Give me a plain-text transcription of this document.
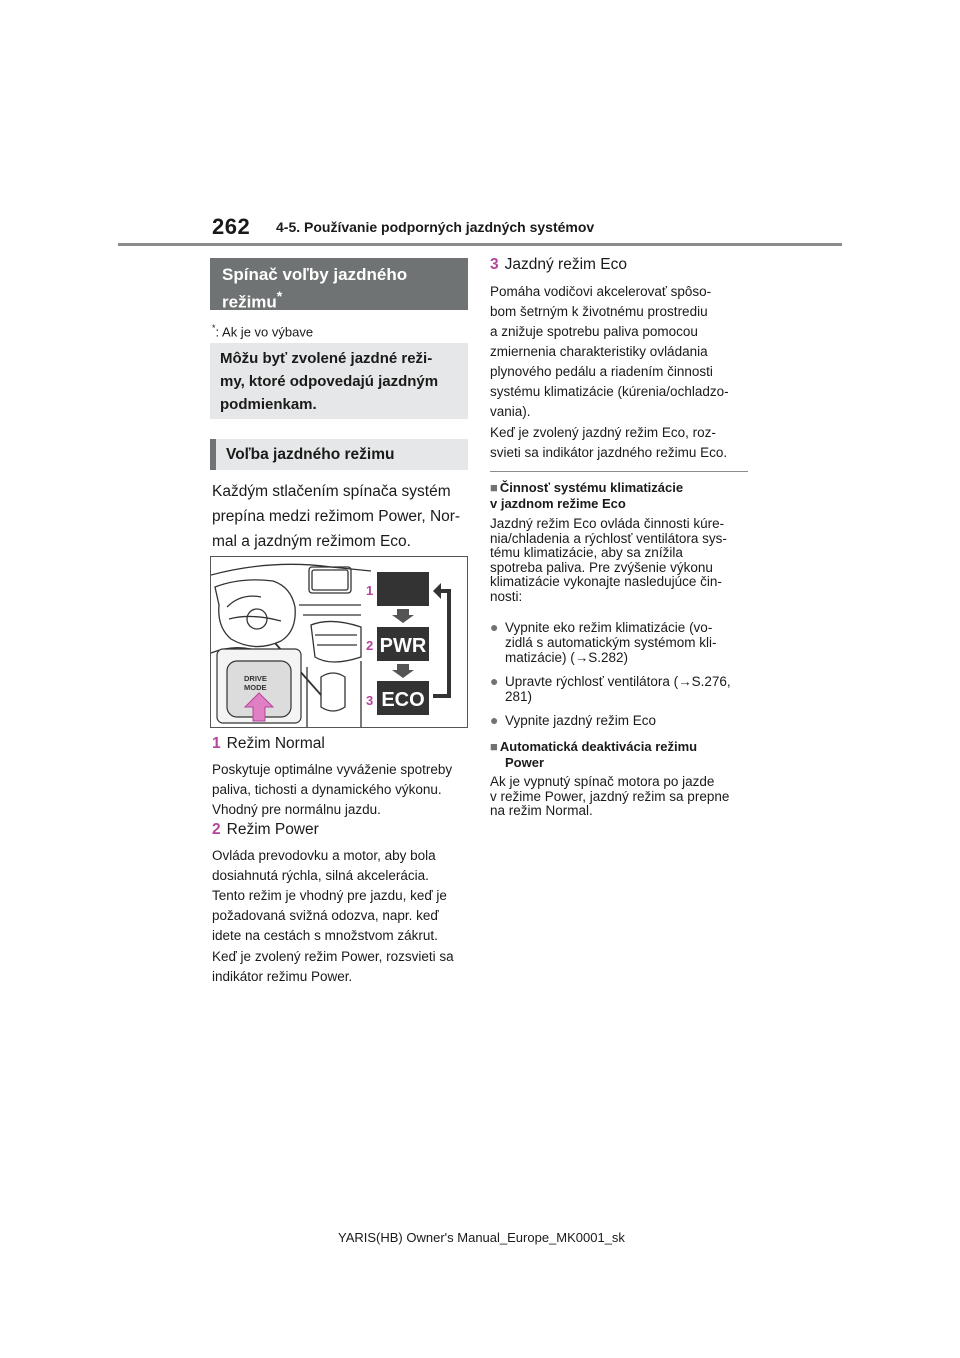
262 4-5. Používanie podporných jazdných systémov
Spínač voľby jazdného
režimu*
*: Ak je vo výbave
Môžu byť zvolené jazdné reži-
my, ktoré odpovedajú jazdným
podmienkam.
Voľba jazdného režimu
Každým stlačením spínača systém
prepína medzi režimom Power, Nor-
mal a jazdným režimom Eco.
DRIVE
MODE
PWR
ECO
1
2
3
1 Režim Normal
Poskytuje optimálne vyváženie spotreby
paliva, tichosti a dynamického výkonu.
Vhodný pre normálnu jazdu.
2 Režim Power
Ovláda prevodovku a motor, aby bola
dosiahnutá rýchla, silná akcelerácia.
Tento režim je vhodný pre jazdu, keď je
požadovaná svižná odozva, napr. keď
idete na cestách s množstvom zákrut.
Keď je zvolený režim Power, rozsvieti sa
indikátor režimu Power.
3 Jazdný režim Eco
Pomáha vodičovi akcelerovať spôso-
bom šetrným k životnému prostrediu
a znižuje spotrebu paliva pomocou
zmiernenia charakteristiky ovládania
plynového pedálu a riadením činnosti
systému klimatizácie (kúrenia/ochladzo-
vania).
Keď je zvolený jazdný režim Eco, roz-
svieti sa indikátor jazdného režimu Eco.
■ Činnosť systému klimatizácie
v jazdnom režime Eco
Jazdný režim Eco ovláda činnosti kúre-
nia/chladenia a rýchlosť ventilátora sys-
tému klimatizácie, aby sa znížila
spotreba paliva. Pre zvýšenie výkonu
klimatizácie vykonajte nasledujúce čin-
nosti:
● Vypnite eko režim klimatizácie (vo-
zidlá s automatickým systémom kli-
matizácie) (→S.282)
● Upravte rýchlosť ventilátora (→S.276,
281)
● Vypnite jazdný režim Eco
■ Automatická deaktivácia režimu
Power
Ak je vypnutý spínač motora po jazde
v režime Power, jazdný režim sa prepne
na režim Normal.
YARIS(HB) Owner's Manual_Europe_MK0001_sk
